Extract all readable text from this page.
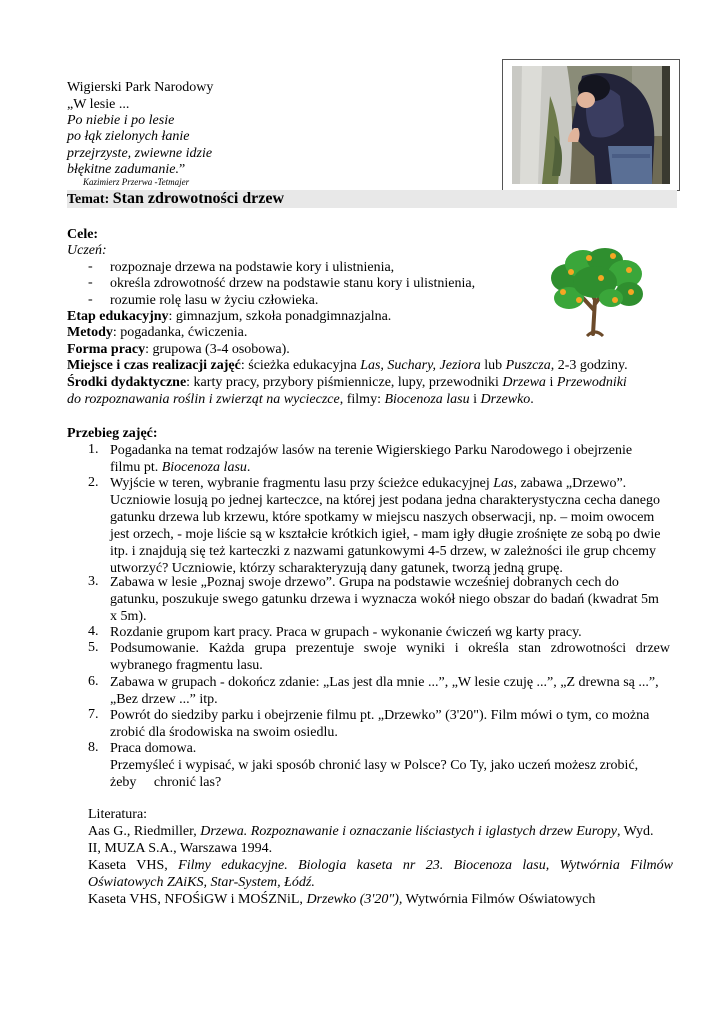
Wigierski Park Narodowy
„W lesie ...
Po niebie i po lesie
po łąk zielonych łanie
przejrzyste, zwiewne idzie
błękitne zadumanie.”
Kazimierz Przerwa -Tetmajer
Temat: Stan zdrowotności drzew
Cele:
Uczeń:
- rozpoznaje drzewa na podstawie kory i ulistnienia,
- określa zdrowotność drzew na podstawie stanu kory i ulistnienia,
- rozumie rolę lasu w życiu człowieka.
Etap edukacyjny: gimnazjum, szkoła ponadgimnazjalna.
Metody: pogadanka, ćwiczenia.
Forma pracy: grupowa (3-4 osobowa).
Miejsce i czas realizacji zajęć: ścieżka edukacyjna Las, Suchary, Jeziora lub Puszcza, 2-3 godziny.
Środki dydaktyczne: karty pracy, przybory piśmiennicze, lupy, przewodniki Drzewa i Przewodniki
do rozpoznawania roślin i zwierząt na wycieczce, filmy: Biocenoza lasu i Drzewko.
Przebieg zajęć:
1. Pogadanka na temat rodzajów lasów na terenie Wigierskiego Parku Narodowego i obejrzenie
filmu pt. Biocenoza lasu.
2. Wyjście w teren, wybranie fragmentu lasu przy ścieżce edukacyjnej Las, zabawa „Drzewo”.
Uczniowie losują po jednej karteczce, na której jest podana jedna charakterystyczna cecha danego
gatunku drzewa lub krzewu, które spotkamy w miejscu naszych obserwacji, np. – moim owocem
jest orzech, - moje liście są w kształcie krótkich igieł, - mam igły długie zrośnięte ze sobą po dwie
itp. i znajdują się też karteczki z nazwami gatunkowymi 4-5 drzew, w zależności ile grup chcemy
utworzyć? Uczniowie, którzy scharakteryzują dany gatunek, tworzą jedną grupę.
3. Zabawa w lesie „Poznaj swoje drzewo”. Grupa na podstawie wcześniej dobranych cech do
gatunku, poszukuje swego gatunku drzewa i wyznacza wokół niego obszar do badań (kwadrat 5m
x 5m).
4. Rozdanie grupom kart pracy. Praca w grupach - wykonanie ćwiczeń wg karty pracy.
5. Podsumowanie. Każda grupa prezentuje swoje wyniki i określa stan zdrowotności drzew
wybranego fragmentu lasu.
6. Zabawa w grupach - dokończ zdanie: „Las jest dla mnie ...”, „W lesie czuję ...”, „Z drewna są ...”,
„Bez drzew ...” itp.
7. Powrót do siedziby parku i obejrzenie filmu pt. „Drzewko” (3'20"). Film mówi o tym, co można
zrobić dla środowiska na swoim osiedlu.
8. Praca domowa.
Przemyśleć i wypisać, w jaki sposób chronić lasy w Polsce? Co Ty, jako uczeń możesz zrobić,
żeby     chronić las?
Literatura:
Aas G., Riedmiller, Drzewa. Rozpoznawanie i oznaczanie liściastych i iglastych drzew Europy, Wyd.
II, MUZA S.A., Warszawa 1994.
Kaseta VHS, Filmy edukacyjne. Biologia kaseta nr 23. Biocenoza lasu, Wytwórnia Filmów
Oświatowych ZAiKS, Star-System, Łódź.
Kaseta VHS, NFOŚiGW i MOŚZNiL, Drzewko (3'20"), Wytwórnia Filmów Oświatowych
